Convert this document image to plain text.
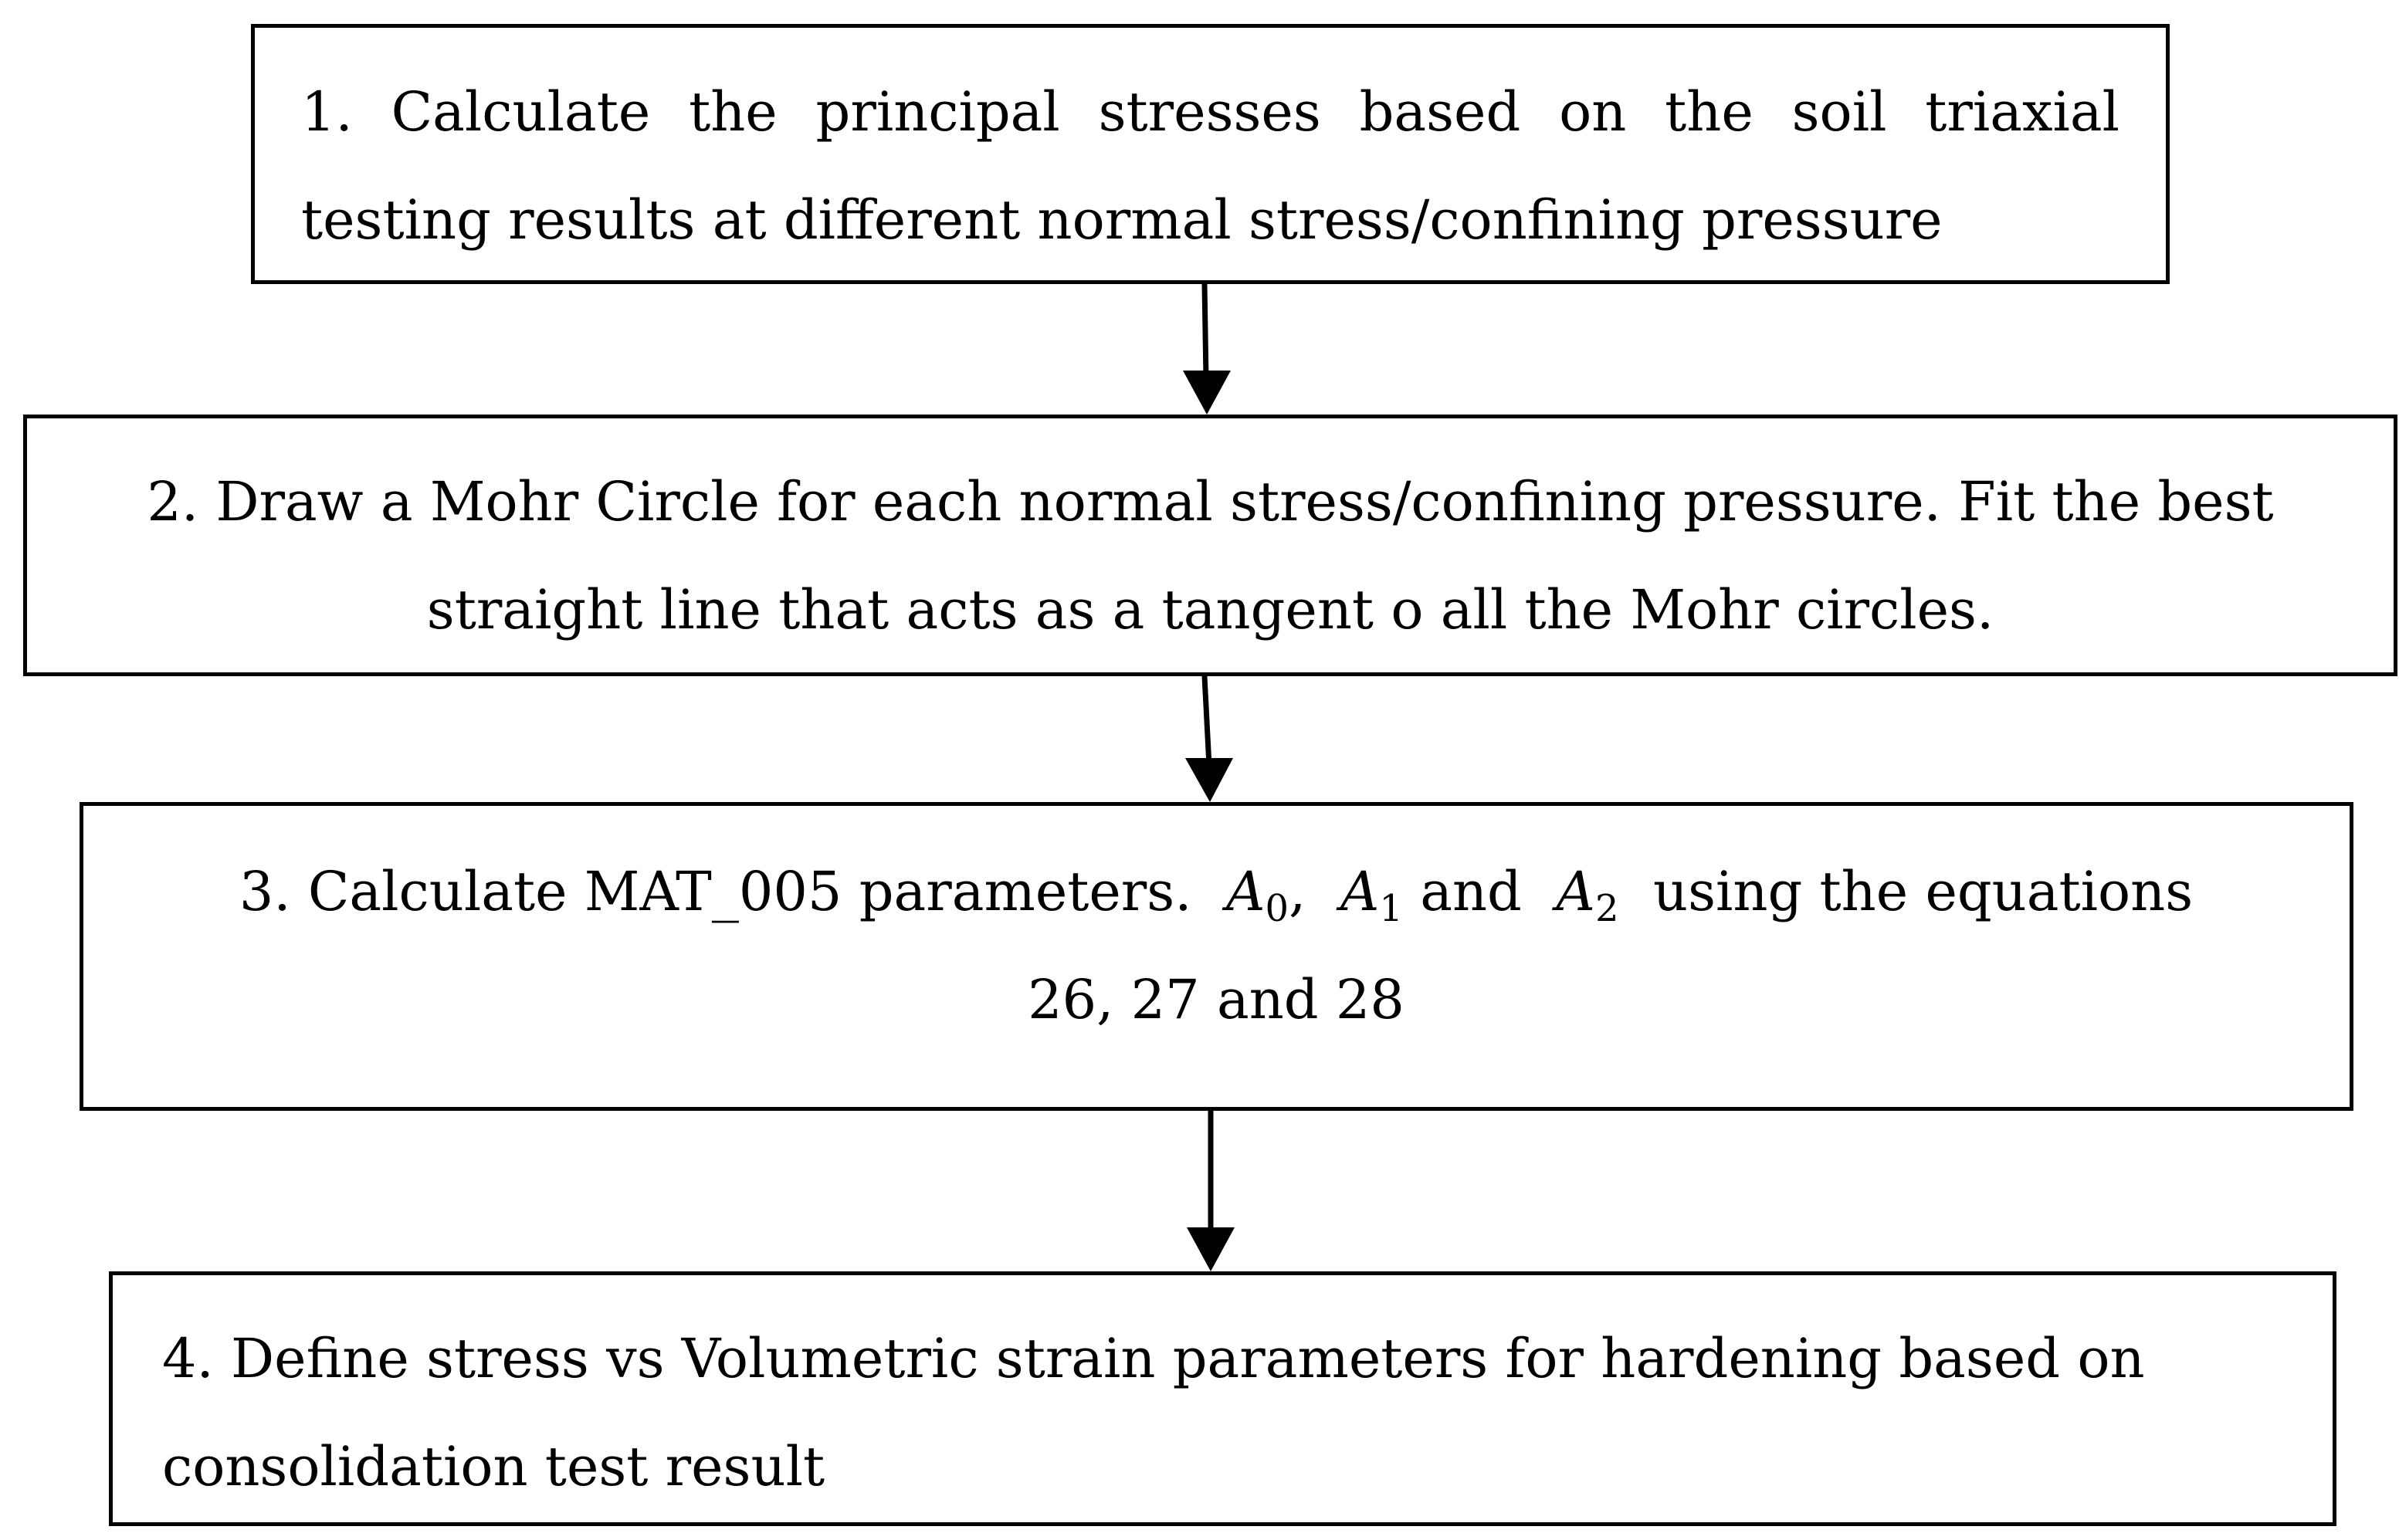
1. Calculate the principal stresses based on the soil triaxial testing results at different normal stress/confining pressure
2. Draw a Mohr Circle for each normal stress/confining pressure. Fit the best straight line that acts as a tangent o all the Mohr circles.
3. Calculate MAT_005 parameters. $A_0$, $A_1$ and $A_2$ using the equations
26, 27 and 28
4. Define stress vs Volumetric strain parameters for hardening based on consolidation test result
